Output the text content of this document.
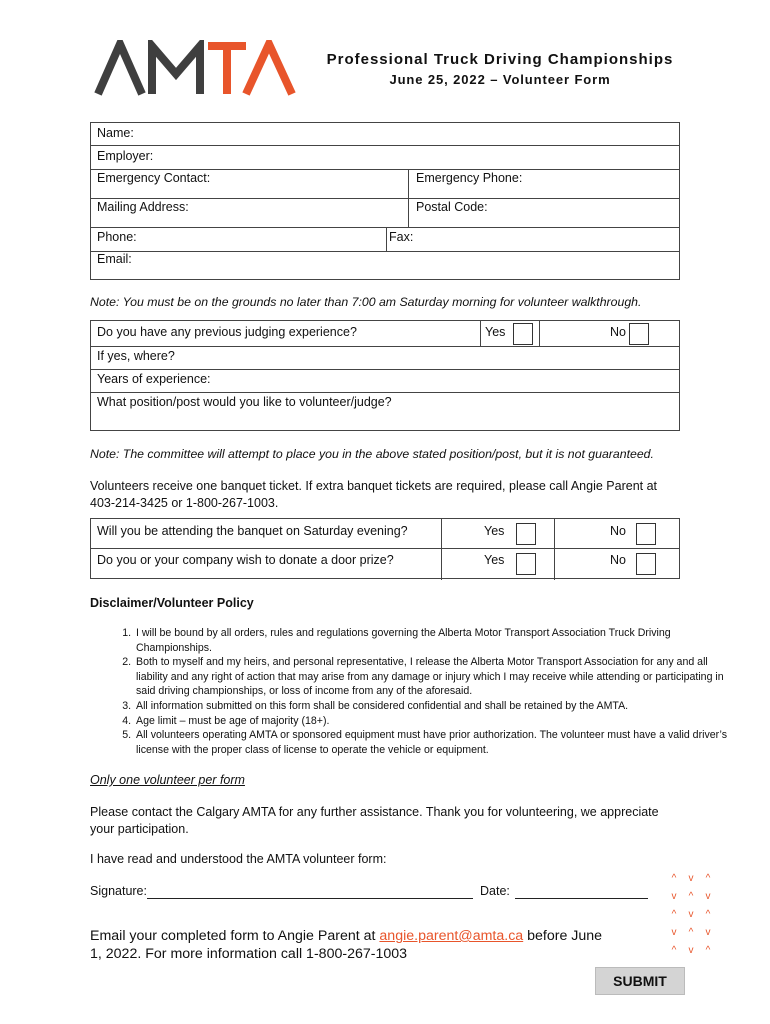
Professional Truck Driving Championships
June 25, 2022 – Volunteer Form
Name:
Employer:
Emergency Contact:	Emergency Phone:
Mailing Address:	Postal Code:
Phone:	Fax:
Email:
Note: You must be on the grounds no later than 7:00 am Saturday morning for volunteer walkthrough.
Do you have any previous judging experience?	Yes	No
If yes, where?
Years of experience:
What position/post would you like to volunteer/judge?
Note: The committee will attempt to place you in the above stated position/post, but it is not guaranteed.
Volunteers receive one banquet ticket. If extra banquet tickets are required, please call Angie Parent at 403-214-3425 or 1-800-267-1003.
Will you be attending the banquet on Saturday evening?	Yes	No
Do you or your company wish to donate a door prize?	Yes	No
Disclaimer/Volunteer Policy
1. I will be bound by all orders, rules and regulations governing the Alberta Motor Transport Association Truck Driving Championships.
2. Both to myself and my heirs, and personal representative, I release the Alberta Motor Transport Association for any and all liability and any right of action that may arise from any damage or injury which I may receive while attending or participating in said driving championships, or loss of income from any of the aforesaid.
3. All information submitted on this form shall be considered confidential and shall be retained by the AMTA.
4. Age limit – must be age of majority (18+).
5. All volunteers operating AMTA or sponsored equipment must have prior authorization. The volunteer must have a valid driver’s license with the proper class of license to operate the vehicle or equipment.
Only one volunteer per form
Please contact the Calgary AMTA for any further assistance. Thank you for volunteering, we appreciate your participation.
I have read and understood the AMTA volunteer form:
Signature:	Date:
^ v ^
v ^ v
^ v ^
v ^ v
^ v ^
Email your completed form to Angie Parent at angie.parent@amta.ca before June 1, 2022. For more information call 1-800-267-1003
SUBMIT
